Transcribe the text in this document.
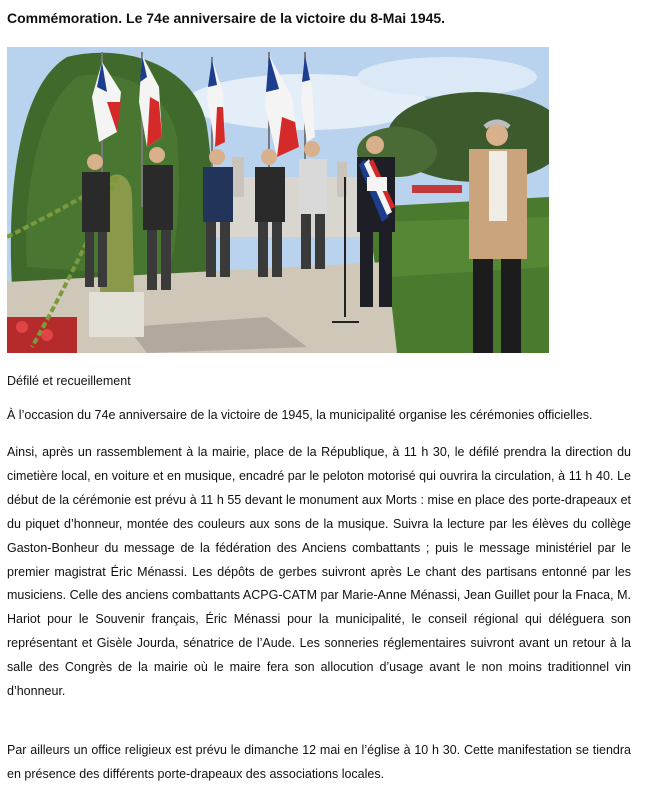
Commémoration. Le 74e anniversaire de la victoire du 8-Mai 1945.
Défilé et recueillement

À l’occasion du 74e anniversaire de la victoire de 1945, la municipalité organise les cérémonies officielles.

Ainsi, après un rassemblement à la mairie, place de la République, à 11 h 30, le défilé prendra la direction du cimetière local, en voiture et en musique, encadré par le peloton motorisé qui ouvrira la circulation, à 11 h 40. Le début de la cérémonie est prévu à 11 h 55 devant le monument aux Morts : mise en place des porte-drapeaux et du piquet d’honneur, montée des couleurs aux sons de la musique. Suivra la lecture par les élèves du collège Gaston-Bonheur du message de la fédération des Anciens combattants ; puis le message ministériel par le premier magistrat Éric Ménassi. Les dépôts de gerbes suivront après Le chant des partisans entonné par les musiciens. Celle des anciens combattants ACPG-CATM par Marie-Anne Ménassi, Jean Guillet pour la Fnaca, M. Hariot pour le Souvenir français, Éric Ménassi pour la municipalité, le conseil régional qui déléguera son représentant et Gisèle Jourda, sénatrice de l’Aude. Les sonneries réglementaires suivront avant un retour à la salle des Congrès de la mairie où le maire fera son allocution d’usage avant le non moins traditionnel vin d’honneur.

Par ailleurs un office religieux est prévu le dimanche 12 mai en l’église à 10 h 30. Cette manifestation se tiendra en présence des différents porte-drapeaux des associations locales.
